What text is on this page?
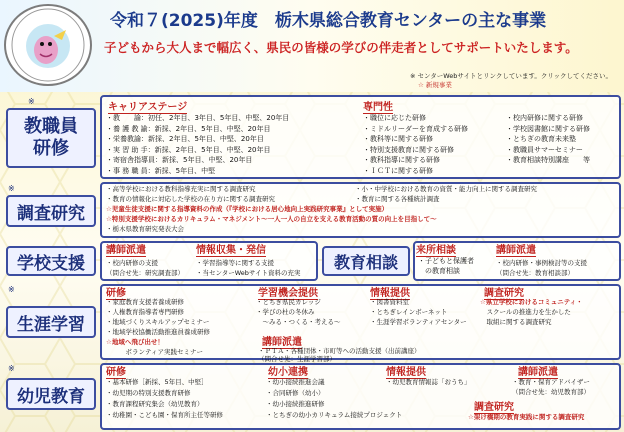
令和７(2025)年度　栃木県総合教育センターの主な事業
子どもから大人まで幅広く、県民の皆様の学びの伴走者としてサポートいたします。
※ センターWebサイトとリンクしています。クリックしてください。
☆ 新規事業
教職員
研修
※
キャリアステージ
・教　　諭：初任、2年目、3年目、5年目、中堅、20年目
・養 護 教 諭：新採、2年目、5年目、中堅、20年目
・栄養教諭：新採、2年目、5年目、中堅、20年目
・実 習 助 手：新採、2年目、5年目、中堅、20年目
・寄宿舎指導員：新採、5年目、中堅、20年目
・事 務 職 員：新採、5年目、中堅
専門性
・職位に応じた研修
・ミドルリーダーを育成する研修
・教科等に関する研修
・特別支援教育に関する研修
・教科指導に関する研修
・ＩＣＴに関する研修
・校内研修に関する研修
・学校図書館に関する研修
・とちぎの教育未来塾
・教職員サマーセミナー
・教育相談特別講座　　等
調査研究
※	・高等学校における教科指導充実に関する調査研究
・教育の情報化に対応した学校の在り方に関する調査研究
☆児童生徒支援に関する指導資料の作成（『学校における居心地向上実践研究事業』として実施）
☆特別支援学校におけるカリキュラム・マネジメント～一人一人の自立を支える教育活動の質の向上を目指して～
・栃木県教育研究発表大会
・小・中学校における教育の資質・能力向上に関する調査研究
・教育に関する各種統計調査
学校支援
講師派遣
・校内研修の支援
（問合せ先：研究調査部）
情報収集・発信
・学習指導等に関する支援
・当センターWebサイト資料の充実
教育相談
来所相談
・子どもと保護者
　の教育相談
講師派遣
・校内研修・事例検討等の支援
（問合せ先：教育相談部）
生涯学習
※	研修
・家庭教育支援者養成研修
・人権教育指導者専門研修
・地域づくりスキルアップセミナー
・地域学校協働活動推進員養成研修
☆地域へ飛び出せ！
　　　ボランティア実践セミナー
学習機会提供
・とちぎ県民カレッジ
・学びの杜の冬休み
　～みる・つくる・考える～
情報提供
・図書資料室
・とちぎレインボーネット
・生涯学習ボランティアセンター
調査研究
☆県立学校におけるコミュニティ・
　スクールの推進力を生かした
　取組に関する調査研究
講師派遣
・ＰＴＡ・各種団体・市町等への活動支援（出前講座）
（問合せ先：生涯学習部）
幼児教育
※	研修
・基本研修［新採、5年目、中堅］
・幼児期の特別支援教育研修
・教育課程研究集会（幼児教育）
・幼稚園・こども園・保育所主任等研修
幼小連携
・幼小接続推進会議
・合同研修（幼小）
・幼小接続推進研修
・とちぎの幼小カリキュラム接続プロジェクト
情報提供
・幼児教育情報誌「おうち」
講師派遣
・教育・保育アドバイザー
（問合せ先：幼児教育部）
調査研究
☆架け橋期の教育実践に関する調査研究
